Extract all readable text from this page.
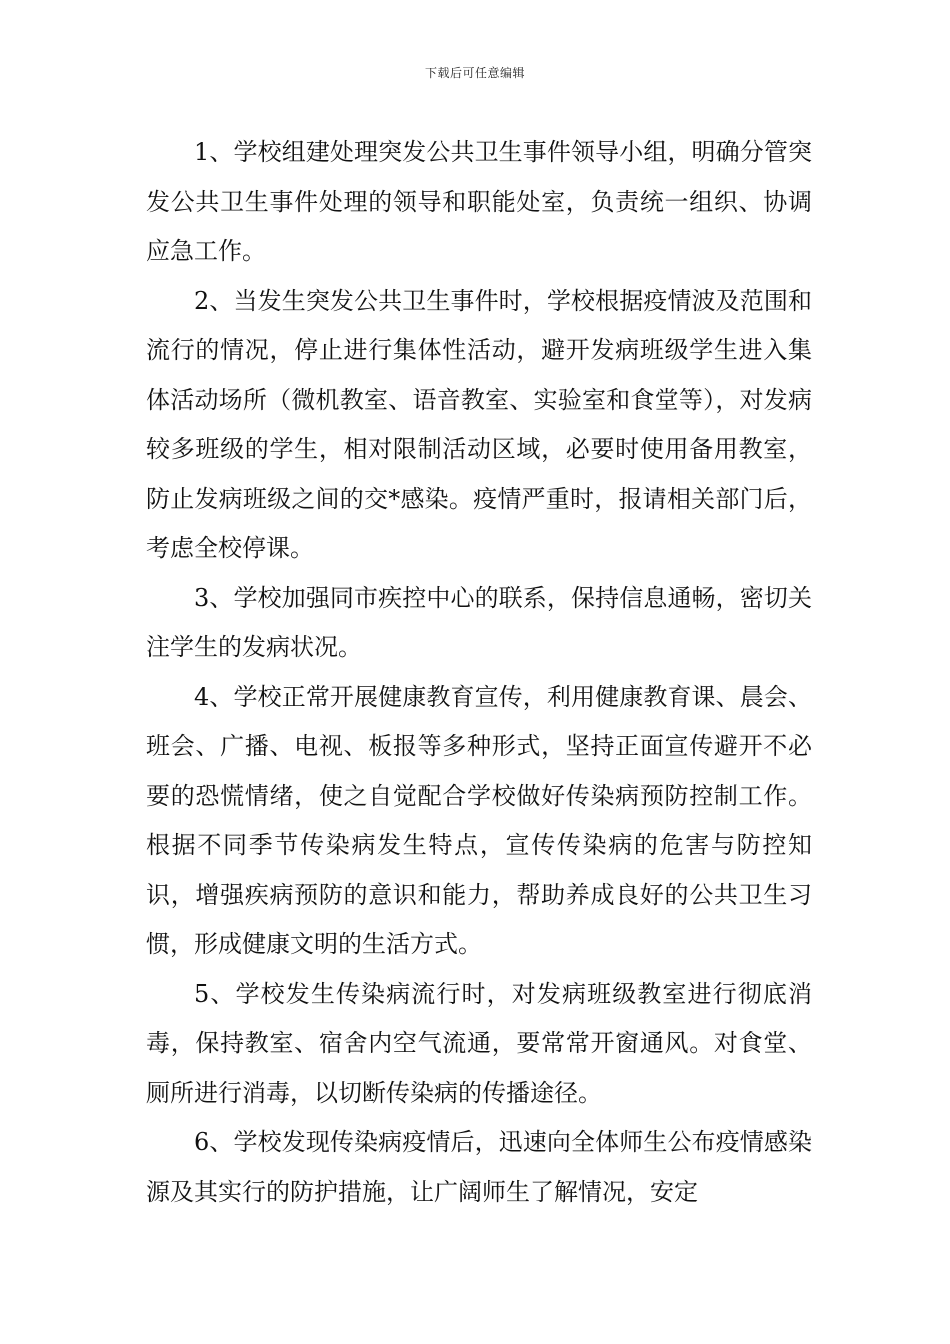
下载后可任意编辑

1、学校组建处理突发公共卫生事件领导小组，明确分管突发公共卫生事件处理的领导和职能处室，负责统一组织、协调应急工作。

2、当发生突发公共卫生事件时，学校根据疫情波及范围和流行的情况，停止进行集体性活动，避开发病班级学生进入集体活动场所（微机教室、语音教室、实验室和食堂等），对发病较多班级的学生，相对限制活动区域，必要时使用备用教室，防止发病班级之间的交*感染。疫情严重时，报请相关部门后，考虑全校停课。

3、学校加强同市疾控中心的联系，保持信息通畅，密切关注学生的发病状况。

4、学校正常开展健康教育宣传，利用健康教育课、晨会、班会、广播、电视、板报等多种形式，坚持正面宣传避开不必要的恐慌情绪，使之自觉配合学校做好传染病预防控制工作。根据不同季节传染病发生特点，宣传传染病的危害与防控知识，增强疾病预防的意识和能力，帮助养成良好的公共卫生习惯，形成健康文明的生活方式。

5、学校发生传染病流行时，对发病班级教室进行彻底消毒，保持教室、宿舍内空气流通，要常常开窗通风。对食堂、厕所进行消毒，以切断传染病的传播途径。

6、学校发现传染病疫情后，迅速向全体师生公布疫情感染源及其实行的防护措施，让广阔师生了解情况，安定
